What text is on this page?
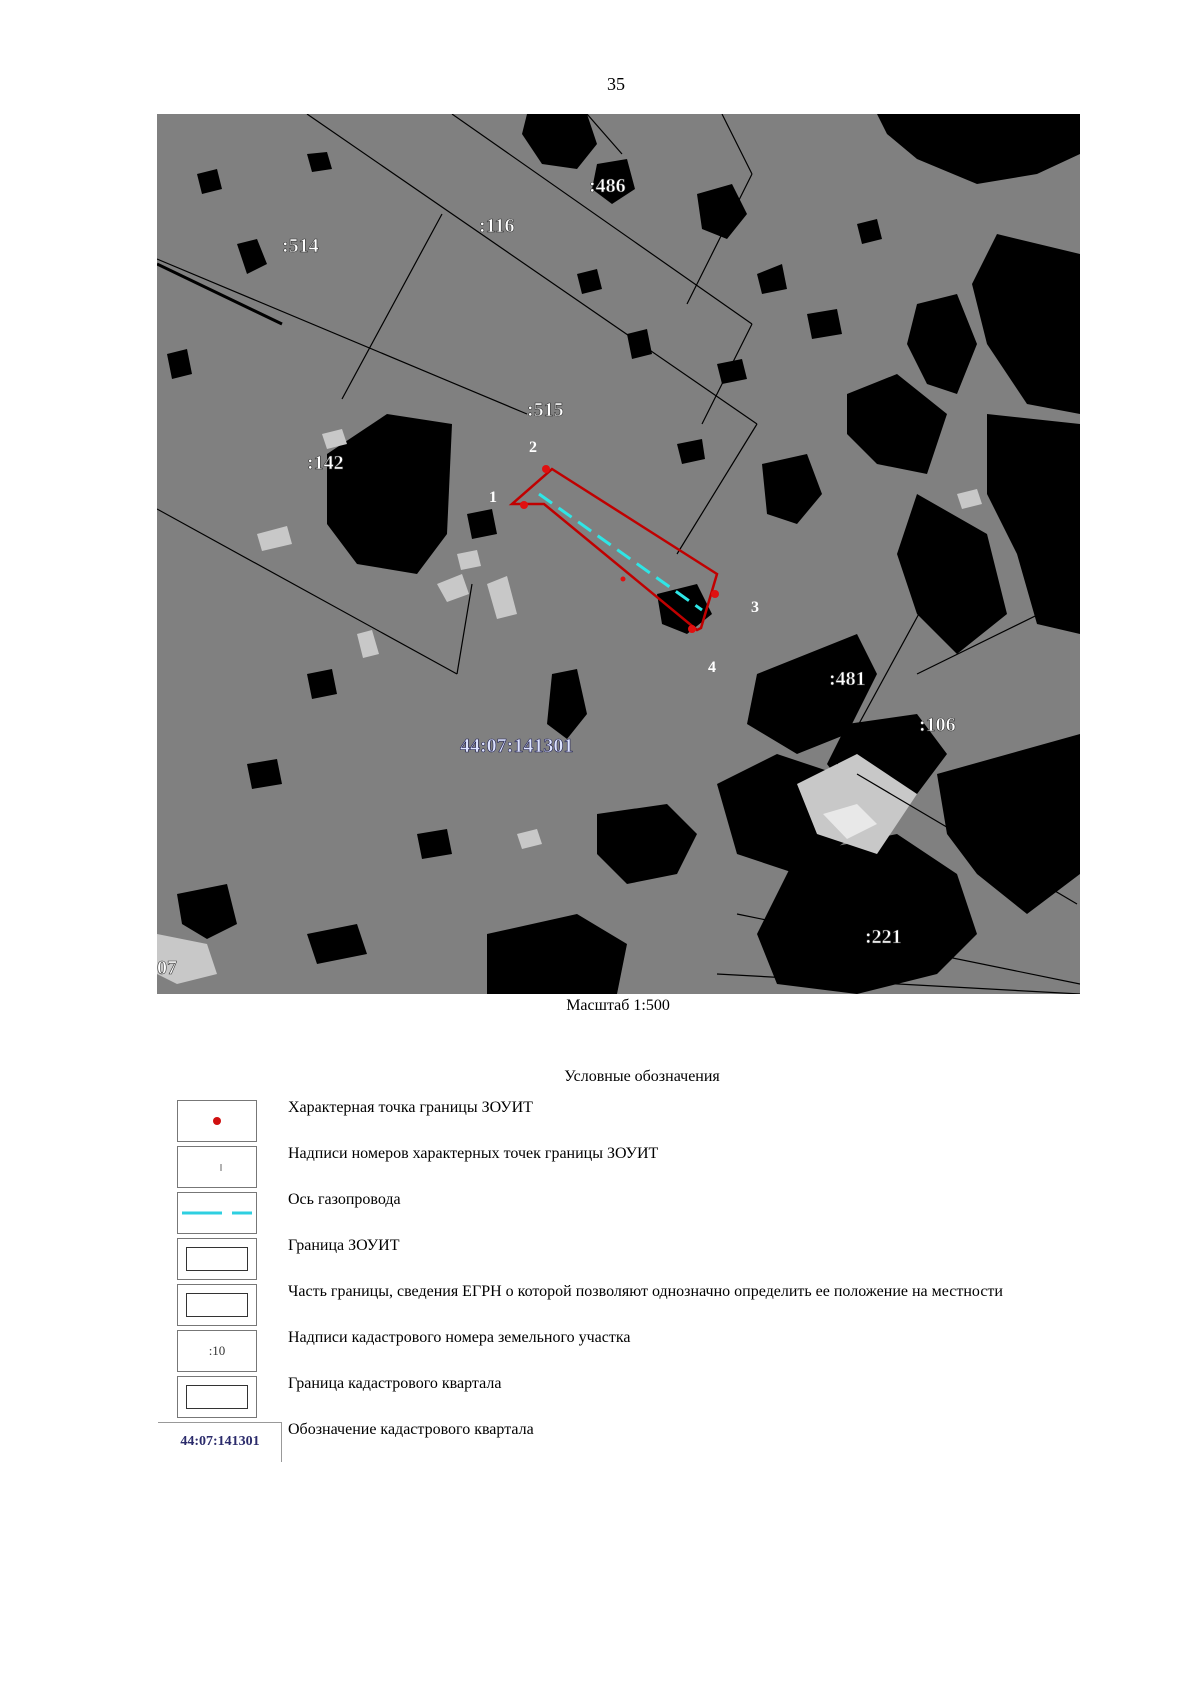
35
2
1
3
4
:486
:116
:514
:515
:142
:481
:106
:221
07
44:07:141301
Масштаб 1:500
Условные обозначения
Характерная точка границы ЗОУИТ
Надписи номеров характерных точек границы ЗОУИТ
Ось газопровода
Граница ЗОУИТ
Часть границы, сведения ЕГРН о которой позволяют однозначно определить ее положение на местности
:10
Надписи кадастрового номера земельного участка
Граница кадастрового квартала
44:07:141301
Обозначение кадастрового квартала
